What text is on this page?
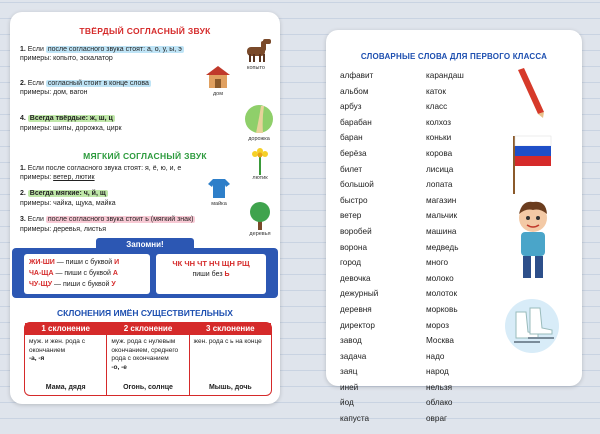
ТВЁРДЫЙ СОГЛАСНЫЙ ЗВУК
1. Если после согласного звука стоят: а, о, у, ы, э
примеры: копыто, эскалатор
2. Если согласный стоит в конце слова
примеры: дом, вагон
4. Всегда твёрдые: ж, ш, ц
примеры: шипы, дорожка, цирк
копыто
дом
дорожка
МЯГКИЙ СОГЛАСНЫЙ ЗВУК
1. Если после согласного звука стоят: я, ё, ю, и, е
примеры: ветер, лютик
2. Всегда мягкие: ч, й, щ
примеры: чайка, щука, майка
3. Если после согласного звука стоит ь (мягкий знак)
примеры: деревья, листья
лютик
майка
деревья
Запомни!
ЖИ-ШИ — пиши с буквой И
ЧА-ЩА — пиши с буквой А
ЧУ-ЩУ — пиши с буквой У
ЧК ЧН ЧТ НЧ ЩН РЩ
пиши без Ь
СКЛОНЕНИЯ ИМЁН СУЩЕСТВИТЕЛЬНЫХ
1 склонение
муж. и жен. рода с окончанием
-а, -я
Мама, дядя
2 склонение
муж. рода с нулевым окончанием, среднего рода с окончанием
-о, -е
Огонь, солнце
3 склонение
жен. рода с ь на конце
Мышь, дочь
СЛОВАРНЫЕ СЛОВА ДЛЯ ПЕРВОГО КЛАССА
алфавит
альбом
арбуз
барабан
баран
берёза
билет
большой
быстро
ветер
воробей
ворона
город
девочка
дежурный
деревня
директор
завод
задача
заяц
иней
йод
капуста
карандаш
каток
класс
колхоз
коньки
корова
лисица
лопата
магазин
мальчик
машина
медведь
много
молоко
молоток
морковь
мороз
Москва
надо
народ
нельзя
облако
овраг
